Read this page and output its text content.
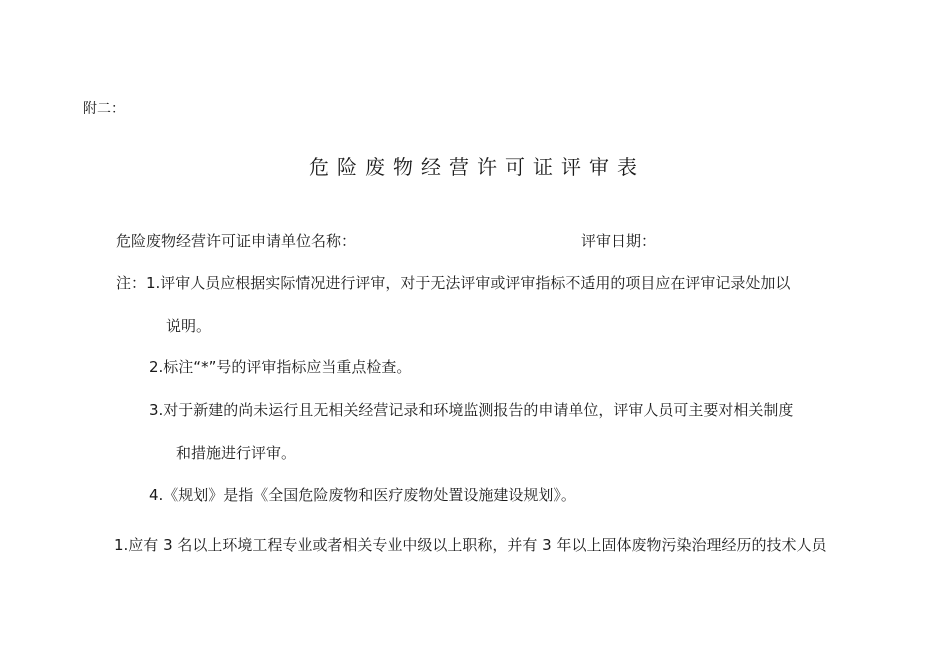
附二：
危险废物经营许可证评审表
危险废物经营许可证申请单位名称：	评审日期：
注：1.评审人员应根据实际情况进行评审，对于无法评审或评审指标不适用的项目应在评审记录处加以
说明。
2.标注“*”号的评审指标应当重点检查。
3.对于新建的尚未运行且无相关经营记录和环境监测报告的申请单位，评审人员可主要对相关制度
和措施进行评审。
4.《规划》是指《全国危险废物和医疗废物处置设施建设规划》。
1.应有 3 名以上环境工程专业或者相关专业中级以上职称，并有 3 年以上固体废物污染治理经历的技术人员
